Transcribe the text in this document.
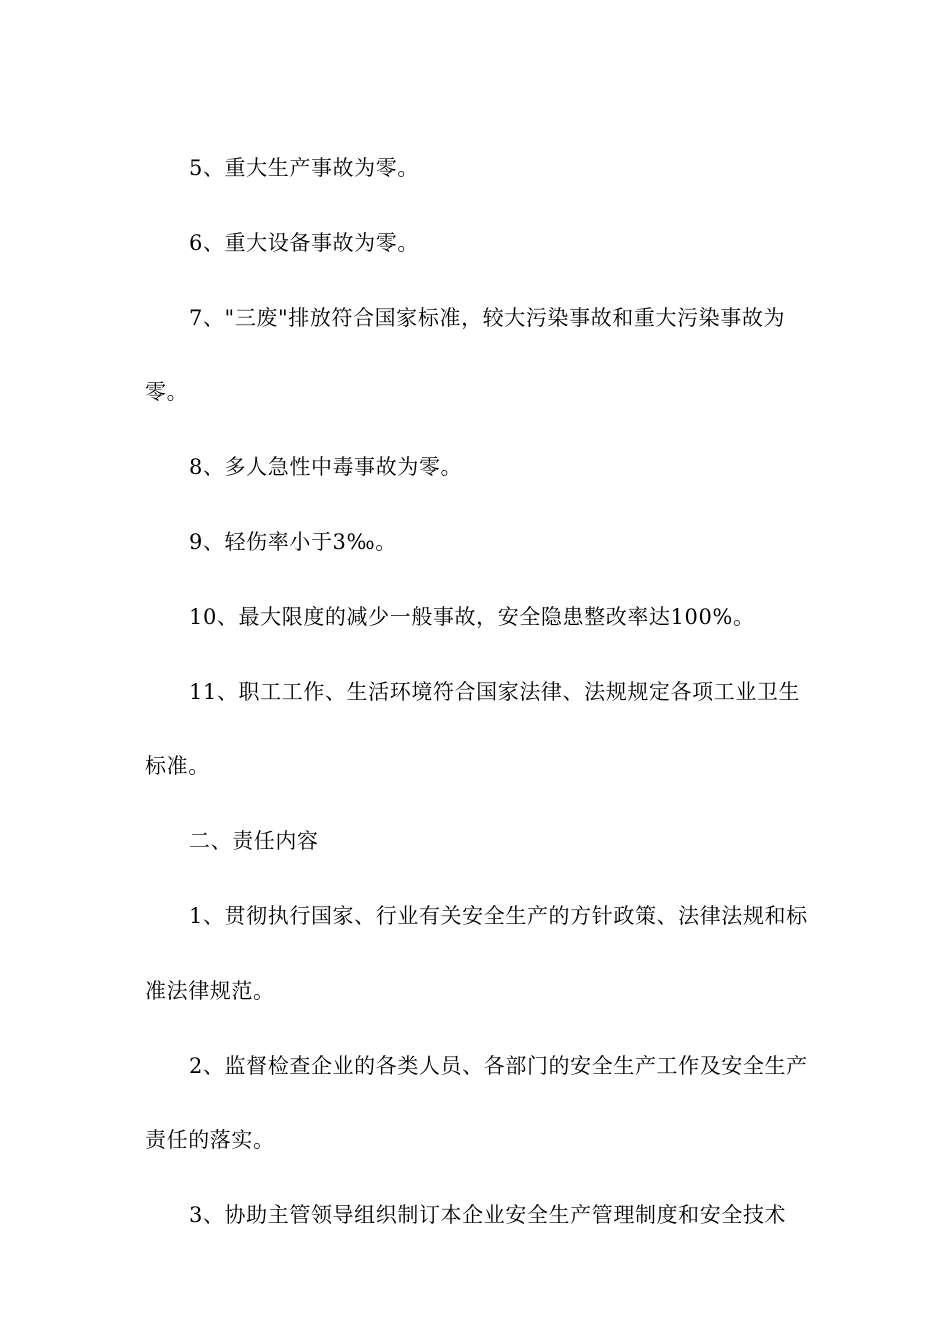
5、重大生产事故为零。

6、重大设备事故为零。

7、"三废"排放符合国家标准，较大污染事故和重大污染事故为零。

8、多人急性中毒事故为零。

9、轻伤率小于3‰。

10、最大限度的减少一般事故，安全隐患整改率达100%。

11、职工工作、生活环境符合国家法律、法规规定各项工业卫生标准。

二、责任内容

1、贯彻执行国家、行业有关安全生产的方针政策、法律法规和标准法律规范。

2、监督检查企业的各类人员、各部门的安全生产工作及安全生产责任的落实。

3、协助主管领导组织制订本企业安全生产管理制度和安全技术
